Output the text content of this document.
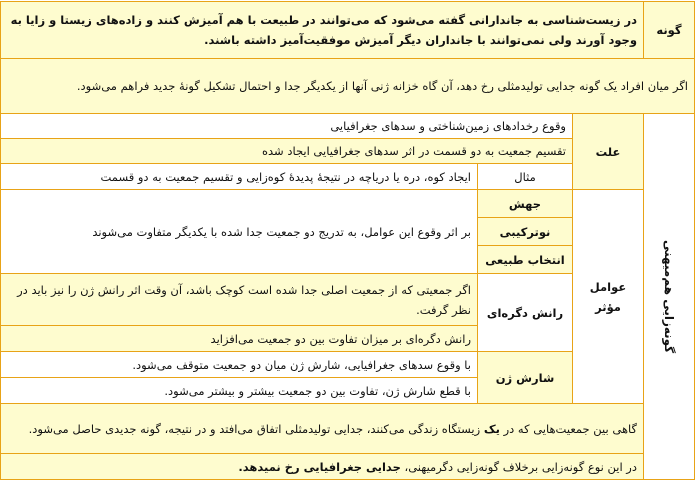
گونه	در زیست‌شناسی به جاندارانی گفته می‌شود که می‌توانند در طبیعت با هم آمیزش کنند و زاده‌های زیستا و زایا به وجود آورند ولی نمی‌توانند با جانداران دیگر آمیزش موفقیت‌آمیز داشته باشند.		
اگر میان افراد یک گونه جدایی تولیدمثلی رخ دهد، آن گاه خزانه ژنی آنها از یکدیگر جدا و احتمال تشکیل گونهٔ جدید فراهم می‌شود.			

گونه‌زایی هم‌میهنی	علت	وقوع رخدادهای زمین‌شناختی و سدهای جغرافیایی	
		تقسیم جمعیت به دو قسمت در اثر سدهای جغرافیایی ایجاد شده	
		مثال	ایجاد کوه، دره یا دریاچه در نتیجهٔ پدیدهٔ کوه‌زایی و تقسیم جمعیت به دو قسمت

	عوامل
مؤثر	جهش	بر اثر وقوع این عوامل، به تدریج دو جمعیت جدا شده با یکدیگر متفاوت می‌شوند
		نوترکیبی	
		انتخاب طبیعی	
		رانش دگره‌ای	اگر جمعیتی که از جمعیت اصلی جدا شده است کوچک باشد، آن وقت اثر رانش ژن را نیز باید در نظر گرفت.
			رانش دگره‌ای بر میزان تفاوت بین دو جمعیت می‌افزاید
		شارش ژن	با وقوع سدهای جغرافیایی، شارش ژن میان دو جمعیت متوقف می‌شود.
			با قطع شارش ژن، تفاوت بین دو جمعیت بیشتر و بیشتر می‌شود.
	گاهی بین جمعیت‌هایی که در یک زیستگاه زندگی می‌کنند، جدایی تولیدمثلی اتفاق می‌افتد و در نتیجه، گونه جدیدی حاصل می‌شود.		
	در این نوع گونه‌زایی برخلاف گونه‌زایی دگرمیهنی، جدایی جغرافیایی رخ نمیدهد.		
